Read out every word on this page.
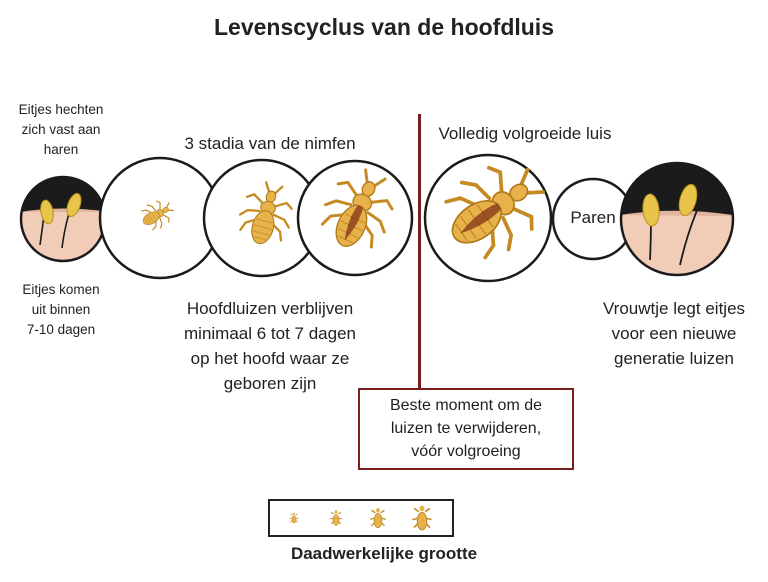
Levenscyclus van de hoofdluis
Eitjes hechten
zich vast aan
haren
Eitjes komen
uit binnen
7-10 dagen
3 stadia van de nimfen
Hoofdluizen verblijven
minimaal 6 tot 7 dagen
op het hoofd waar ze
geboren zijn
Volledig volgroeide luis
Vrouwtje legt eitjes
voor een nieuwe
generatie luizen
Paren
Beste moment om de
luizen te verwijderen,
vóór volgroeing
Daadwerkelijke grootte
